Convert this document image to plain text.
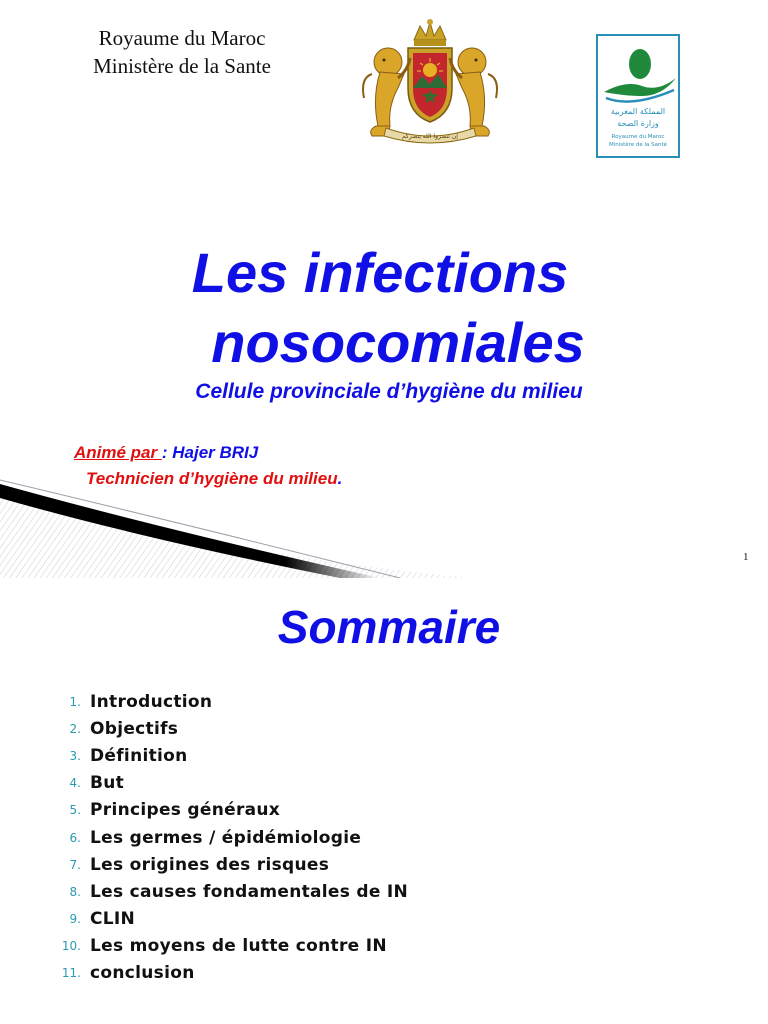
Royaume du Maroc
Ministère de la Sante
إن تنصروا الله ينصركم
المملكة المغربية
وزارة الصحة
Royaume du Maroc
Ministère de la Santé
Les infections
nosocomiales
Cellule provinciale d’hygiène du milieu
Animé par : Hajer BRIJ
Technicien d’hygiène du milieu.
1
Sommaire
1. Introduction
2. Objectifs
3. Définition
4. But
5. Principes généraux
6. Les germes / épidémiologie
7. Les origines des risques
8. Les causes fondamentales de IN
9. CLIN
10. Les moyens de lutte contre IN
11. conclusion
